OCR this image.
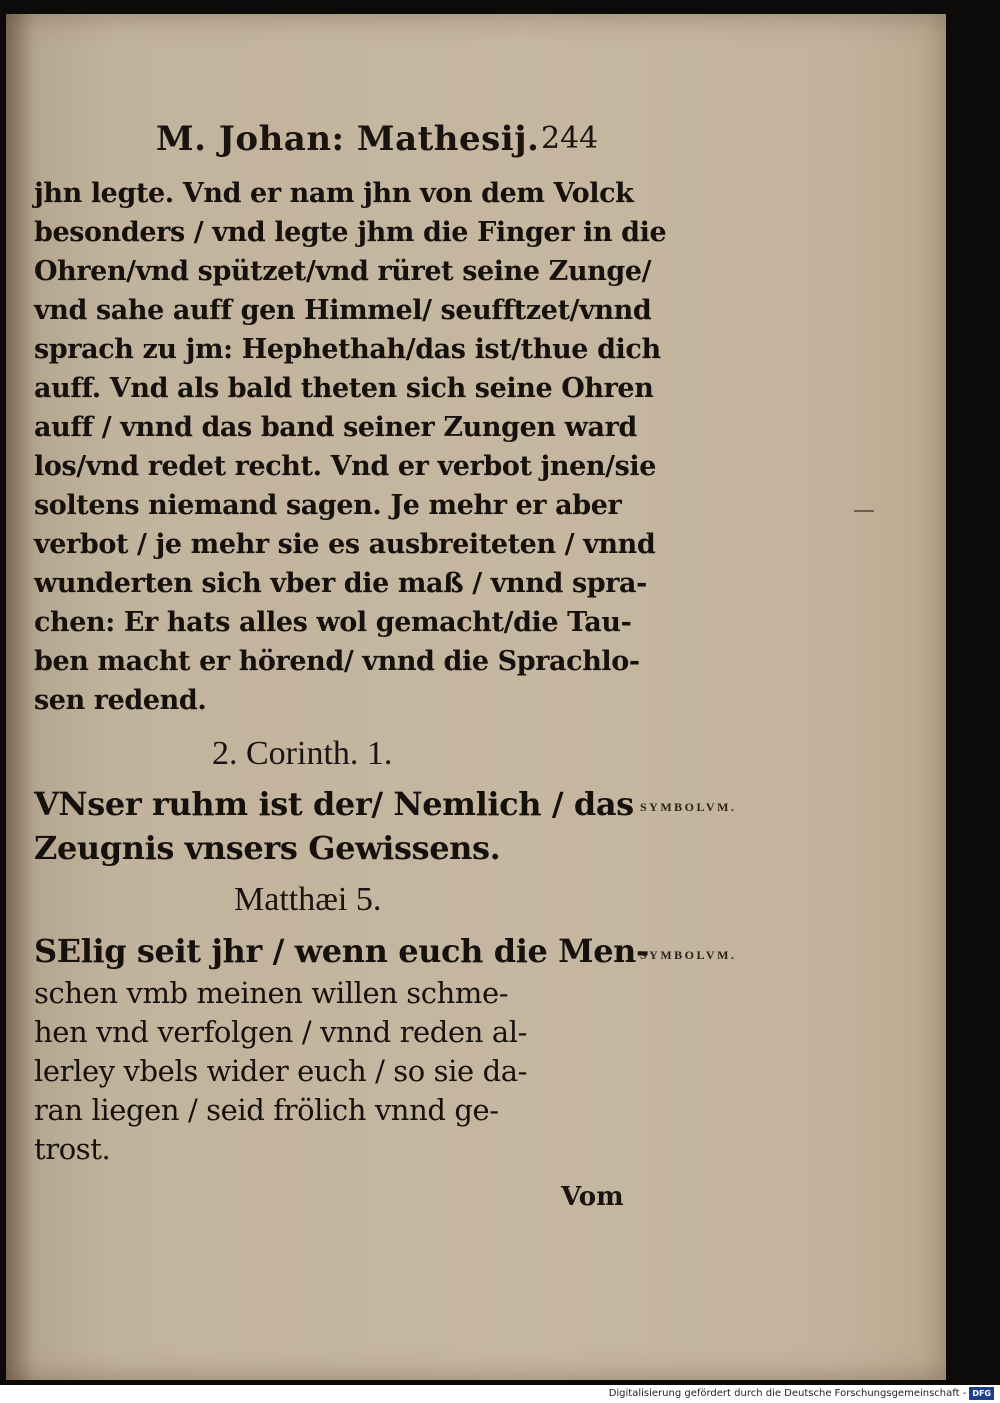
M. Johan: Mathesij. 244
jhn legte. Vnd er nam jhn von dem Volck
besonders / vnd legte jhm die Finger in die
Ohren/vnd spützet/vnd rüret seine Zunge/
vnd sahe auff gen Himmel/ seufftzet/vnnd
sprach zu jm: Hephethah/das ist/thue dich
auff. Vnd als bald theten sich seine Ohren
auff / vnnd das band seiner Zungen ward
los/vnd redet recht. Vnd er verbot jnen/sie
soltens niemand sagen. Je mehr er aber
verbot / je mehr sie es ausbreiteten / vnnd
wunderten sich vber die maß / vnnd spra-
chen: Er hats alles wol gemacht/die Tau-
ben macht er hörend/ vnnd die Sprachlo-
sen redend.
2. Corinth. 1.
VNser ruhm ist der/ Nemlich / das
Zeugnis vnsers Gewissens.
Matthæi 5.
SElig seit jhr / wenn euch die Men-
schen vmb meinen willen schme-
hen vnd verfolgen / vnnd reden al-
lerley vbels wider euch / so sie da-
ran liegen / seid frölich vnnd ge-
trost.
SYMBOLVM.
SYMBOLVM.
Vom
Digitalisierung gefördert durch die Deutsche Forschungsgemeinschaft - DFG
